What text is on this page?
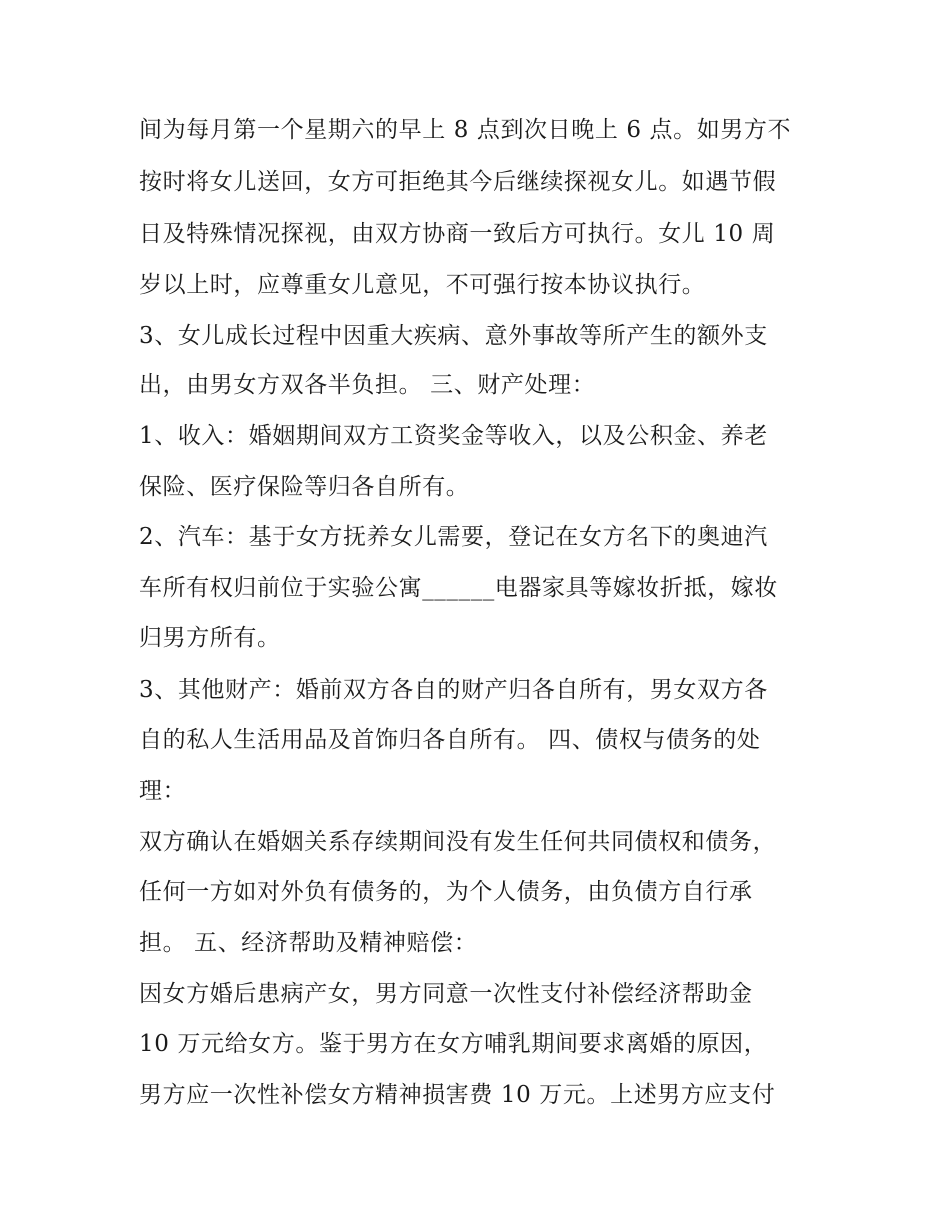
间为每月第一个星期六的早上 8 点到次日晚上 6 点。如男方不
按时将女儿送回，女方可拒绝其今后继续探视女儿。如遇节假
日及特殊情况探视，由双方协商一致后方可执行。女儿 10 周
岁以上时，应尊重女儿意见，不可强行按本协议执行。
3、女儿成长过程中因重大疾病、意外事故等所产生的额外支
出，由男女方双各半负担。 三、财产处理：
1、收入：婚姻期间双方工资奖金等收入，以及公积金、养老
保险、医疗保险等归各自所有。
2、汽车：基于女方抚养女儿需要，登记在女方名下的奥迪汽
车所有权归前位于实验公寓______电器家具等嫁妆折抵，嫁妆
归男方所有。
3、其他财产：婚前双方各自的财产归各自所有，男女双方各
自的私人生活用品及首饰归各自所有。 四、债权与债务的处
理：
双方确认在婚姻关系存续期间没有发生任何共同债权和债务，
任何一方如对外负有债务的，为个人债务，由负债方自行承
担。 五、经济帮助及精神赔偿：
因女方婚后患病产女，男方同意一次性支付补偿经济帮助金
10 万元给女方。鉴于男方在女方哺乳期间要求离婚的原因，
男方应一次性补偿女方精神损害费 10 万元。上述男方应支付
